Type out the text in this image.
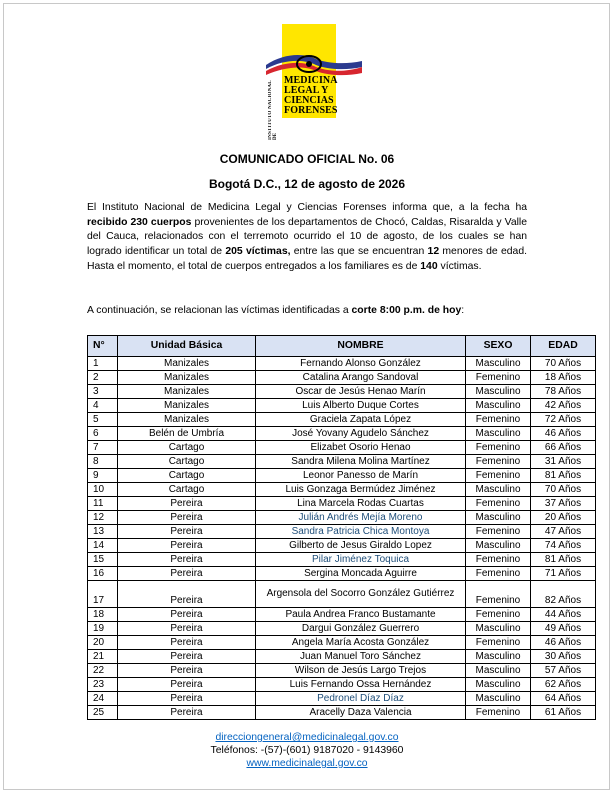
INSTITUTO NACIONAL DE
MEDICINA
LEGAL Y
CIENCIAS
FORENSES
COMUNICADO OFICIAL No. 06
Bogotá D.C., 12 de agosto de 2026
El Instituto Nacional de Medicina Legal y Ciencias Forenses informa que, a la fecha ha recibido 230 cuerpos provenientes de los departamentos de Chocó, Caldas, Risaralda y Valle del Cauca, relacionados con el terremoto ocurrido el 10 de agosto, de los cuales se han logrado identificar un total de 205 víctimas, entre las que se encuentran 12 menores de edad. Hasta el momento, el total de cuerpos entregados a los familiares es de 140 víctimas.
A continuación, se relacionan las víctimas identificadas a corte 8:00 p.m. de hoy:
N°	Unidad Básica	NOMBRE	SEXO	EDAD
1	Manizales	Fernando Alonso González	Masculino	70 Años
2	Manizales	Catalina Arango Sandoval	Femenino	18 Años
3	Manizales	Oscar de Jesús Henao Marín	Masculino	78 Años
4	Manizales	Luis Alberto Duque Cortes	Masculino	42 Años
5	Manizales	Graciela Zapata López	Femenino	72 Años
6	Belén de Umbría	José Yovany Agudelo Sánchez	Masculino	46 Años
7	Cartago	Elizabet Osorio Henao	Femenino	66 Años
8	Cartago	Sandra Milena Molina Martínez	Femenino	31 Años
9	Cartago	Leonor Panesso de Marín	Femenino	81 Años
10	Cartago	Luis Gonzaga Bermúdez Jiménez	Masculino	70 Años
11	Pereira	Lina Marcela Rodas Cuartas	Femenino	37 Años
12	Pereira	Julián Andrés Mejía Moreno	Masculino	20 Años
13	Pereira	Sandra Patricia Chica Montoya	Femenino	47 Años
14	Pereira	Gilberto de Jesus Giraldo Lopez	Masculino	74 Años
15	Pereira	Pilar Jiménez Toquica	Femenino	81 Años
16	Pereira	Sergina Moncada Aguirre	Femenino	71 Años
17	Pereira	Argensola del Socorro González Gutiérrez	Femenino	82 Años
18	Pereira	Paula Andrea Franco Bustamante	Femenino	44 Años
19	Pereira	Dargui González Guerrero	Masculino	49 Años
20	Pereira	Angela María Acosta González	Femenino	46 Años
21	Pereira	Juan Manuel Toro Sánchez	Masculino	30 Años
22	Pereira	Wilson de Jesús Largo Trejos	Masculino	57 Años
23	Pereira	Luis Fernando Ossa Hernández	Masculino	62 Años
24	Pereira	Pedronel Díaz Díaz	Masculino	64 Años
25	Pereira	Aracelly Daza Valencia	Femenino	61 Años
direcciongeneral@medicinalegal.gov.co
Teléfonos: -(57)-(601) 9187020 - 9143960
www.medicinalegal.gov.co
